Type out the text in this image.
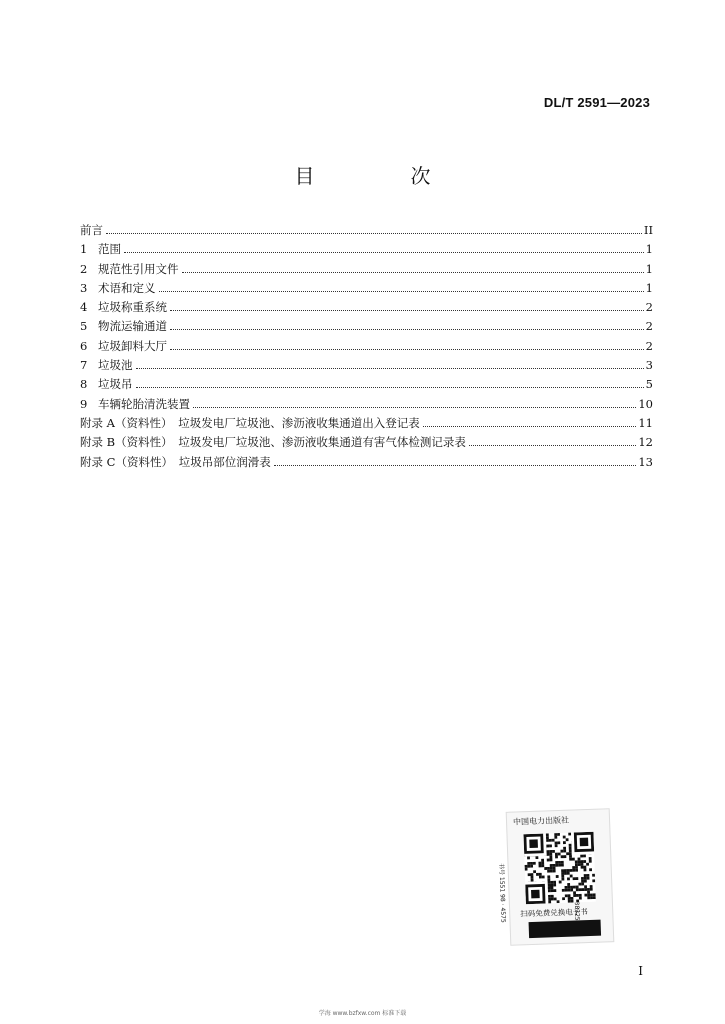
DL/T 2591—2023
目　次
前言	II
1 范围	1
2 规范性引用文件	1
3 术语和定义	1
4 垃圾称重系统	2
5 物流运输通道	2
6 垃圾卸料大厅	2
7 垃圾池	3
8 垃圾吊	5
9 车辆轮胎清洗装置	10
附录 A（资料性）　垃圾发电厂垃圾池、渗沥液收集通道出入登记表	11
附录 B（资料性）　垃圾发电厂垃圾池、渗沥液收集通道有害气体检测记录表	12
附录 C（资料性）　垃圾吊部位润滑表	13
中国电力出版社
书号 1551 98 · 4575 扫码免费兑换电子书
I
学海 www.bzfxw.com 标准下载
